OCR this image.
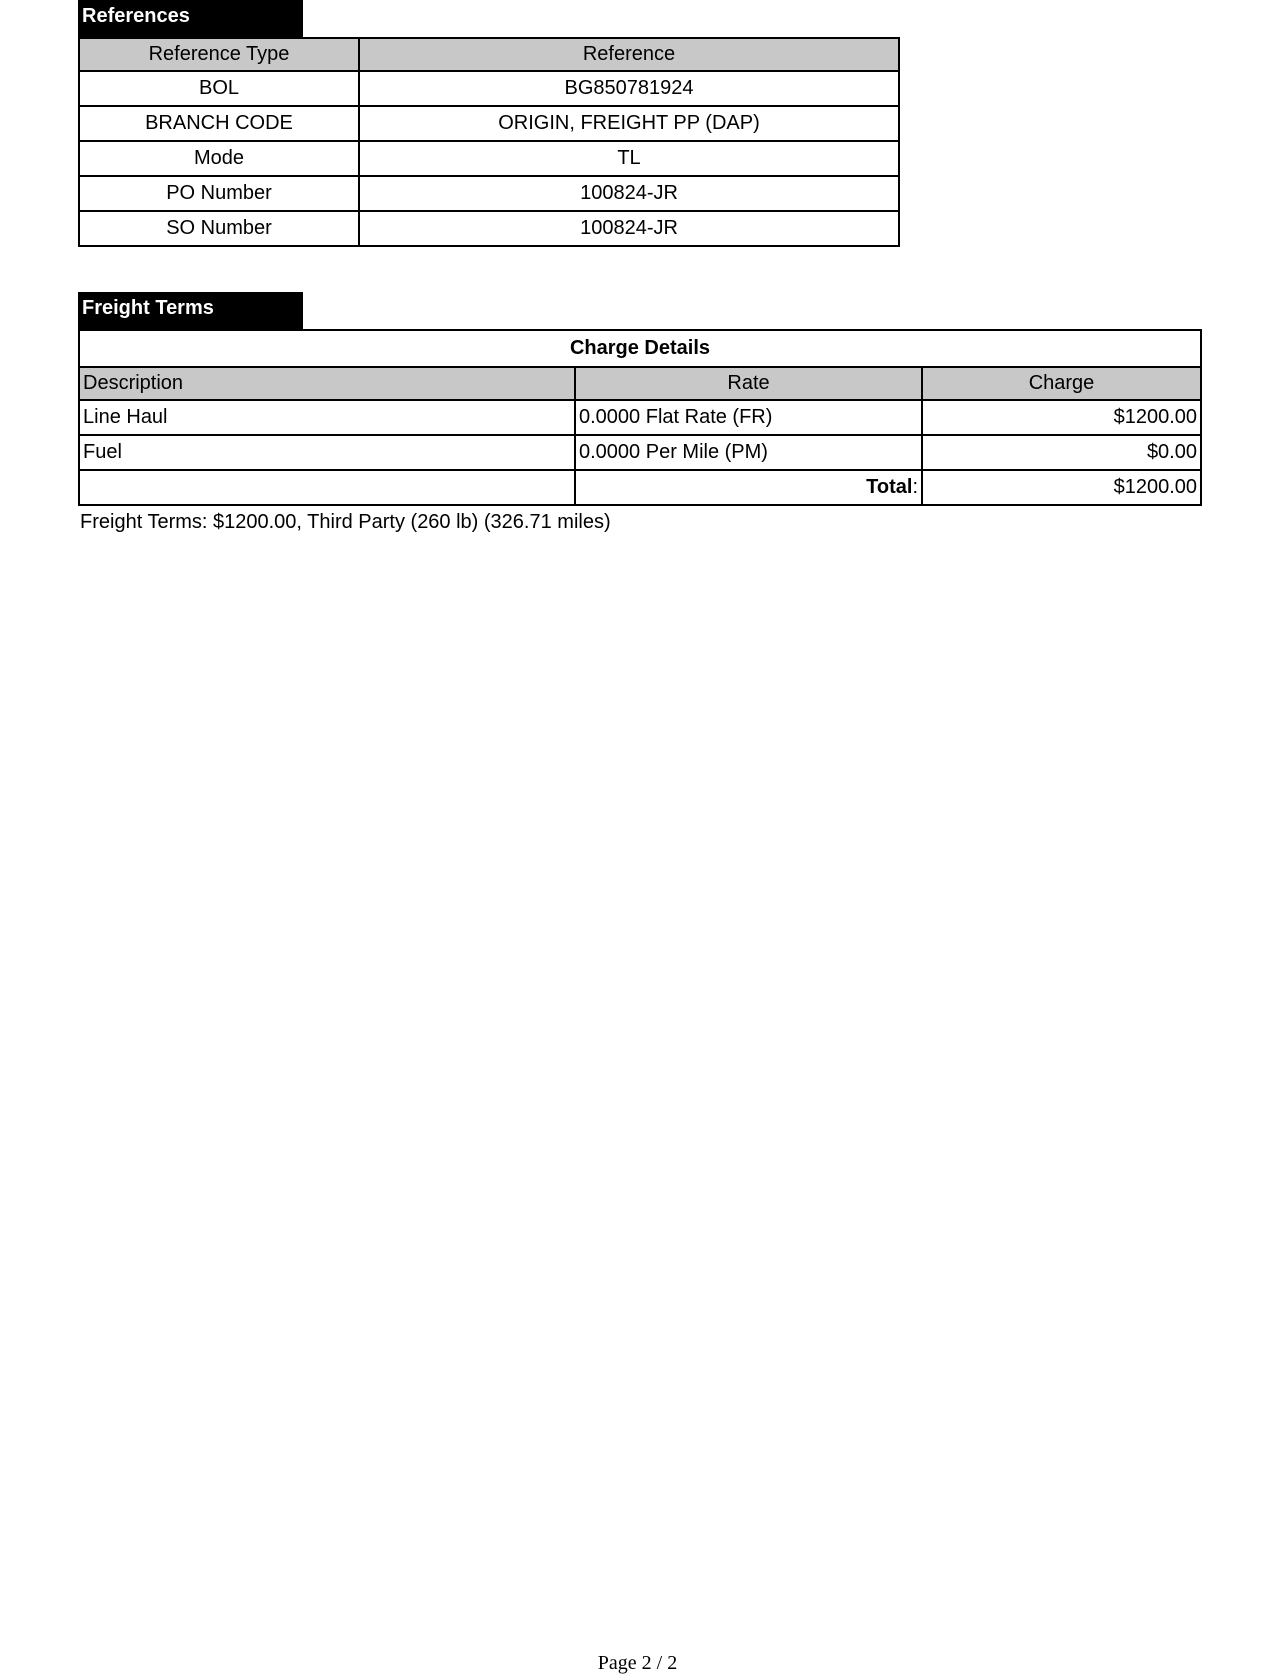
References
Reference Type	Reference
BOL	BG850781924
BRANCH CODE	ORIGIN, FREIGHT PP (DAP)
Mode	TL
PO Number	100824-JR
SO Number	100824-JR
Freight Terms
Charge Details		
Description	Rate	Charge
Line Haul	0.0000 Flat Rate (FR)	$1200.00
Fuel	0.0000 Per Mile (PM)	$0.00
	Total:	$1200.00
Freight Terms: $1200.00, Third Party (260 lb) (326.71 miles)
Page 2 / 2
